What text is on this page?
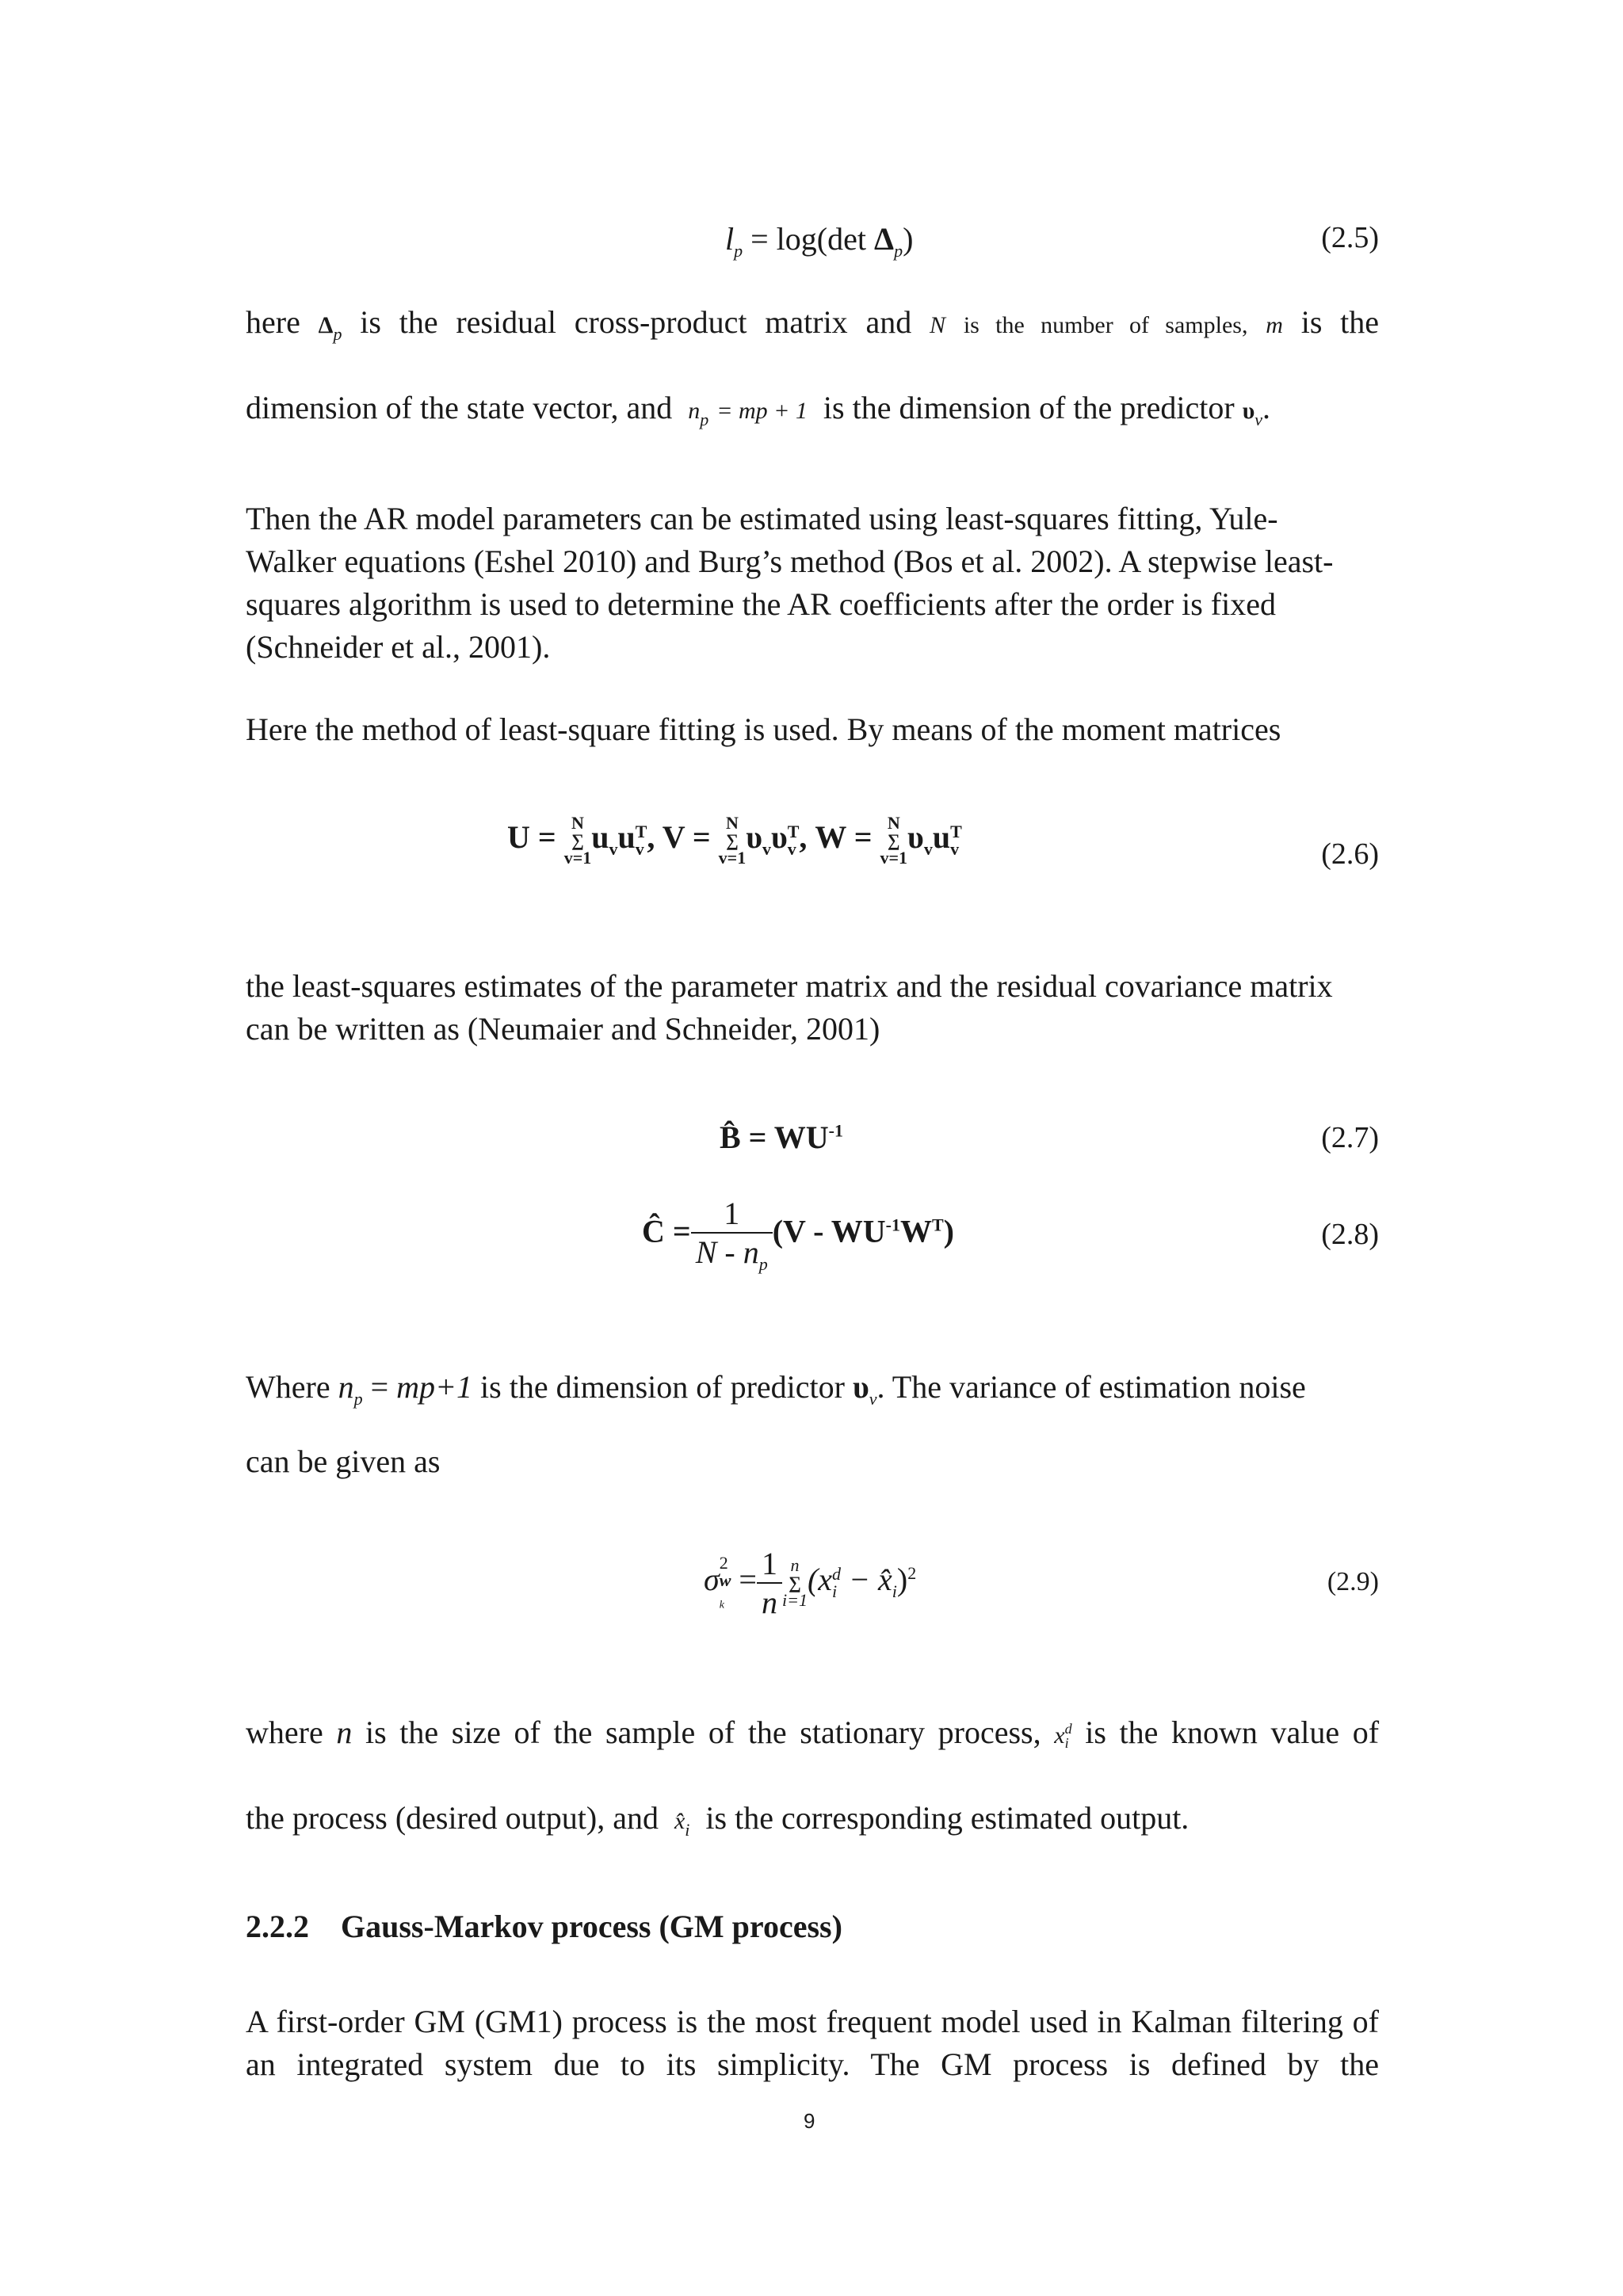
$l_p = \log(\det$ $\Delta_p$)	(2.5)
here $\Delta_p$ is the residual cross-product matrix and N is the number of samples, m is the
dimension of the state vector, and $n_p$ = mp + 1 is the dimension of the predictor $\upsilon_v$.
Then the AR model parameters can be estimated using least-squares fitting, Yule-Walker equations (Eshel 2010) and Burg’s method (Bos et al. 2002). A stepwise least-squares algorithm is used to determine the AR coefficients after the order is fixed (Schneider et al., 2001).
Here the method of least-square fitting is used. By means of the moment matrices
U = N
∑
v=1
$u_vu$ T
v , V = N
∑
v=1
$\upsilon_v\upsilon$ T
v , W = N
∑
v=1
$\upsilon_vu$ T
v	(2.6)
the least-squares estimates of the parameter matrix and the residual covariance matrix can be written as (Neumaier and Schneider, 2001)
B̂ = $WU^{-1}$	(2.7)
Ĉ = $\frac{1}{N - n_p} (V - WU^{-1}W^T)$	(2.8)
Where $n_p = mp+1$ is the dimension of predictor $\upsilon_v$. The variance of estimation noise
can be given as
σ 2
w
$_k$
= $\frac{1}{n}$ n
∑
i=1
(x d
$i - x̂_i)^2$	(2.9)
where n is the size of the sample of the stationary process, x d
i is the known value of
the process (desired output), and $x̂_i$ is the corresponding estimated output.
2.2.2 Gauss-Markov process (GM process)
A first-order GM (GM1) process is the most frequent model used in Kalman filtering of an integrated system due to its simplicity. The GM process is defined by the
9
